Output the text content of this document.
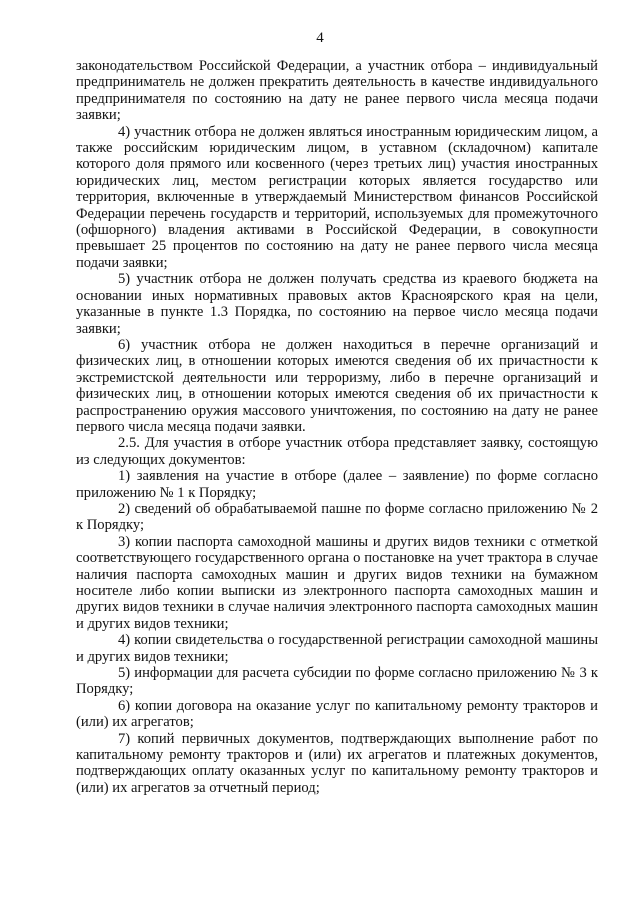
4

законодательством Российской Федерации, а участник отбора – индивидуальный предприниматель не должен прекратить деятельность в качестве индивидуального предпринимателя по состоянию на дату не ранее первого числа месяца подачи заявки;

4) участник отбора не должен являться иностранным юридическим лицом, а также российским юридическим лицом, в уставном (складочном) капитале которого доля прямого или косвенного (через третьих лиц) участия иностранных юридических лиц, местом регистрации которых является государство или территория, включенные в утверждаемый Министерством финансов Российской Федерации перечень государств и территорий, используемых для промежуточного (офшорного) владения активами в Российской Федерации, в совокупности превышает 25 процентов по состоянию на дату не ранее первого числа месяца подачи заявки;

5) участник отбора не должен получать средства из краевого бюджета на основании иных нормативных правовых актов Красноярского края на цели, указанные в пункте 1.3 Порядка, по состоянию на первое число месяца подачи заявки;

6) участник отбора не должен находиться в перечне организаций и физических лиц, в отношении которых имеются сведения об их причастности к экстремистской деятельности или терроризму, либо в перечне организаций и физических лиц, в отношении которых имеются сведения об их причастности к распространению оружия массового уничтожения, по состоянию на дату не ранее первого числа месяца подачи заявки.

2.5. Для участия в отборе участник отбора представляет заявку, состоящую из следующих документов:

1) заявления на участие в отборе (далее – заявление) по форме согласно приложению № 1 к Порядку;

2) сведений об обрабатываемой пашне по форме согласно приложению № 2 к Порядку;

3) копии паспорта самоходной машины и других видов техники с отметкой соответствующего государственного органа о постановке на учет трактора в случае наличия паспорта самоходных машин и других видов техники на бумажном носителе либо копии выписки из электронного паспорта самоходных машин и других видов техники в случае наличия электронного паспорта самоходных машин и других видов техники;

4) копии свидетельства о государственной регистрации самоходной машины и других видов техники;

5) информации для расчета субсидии по форме согласно приложению № 3 к Порядку;

6) копии договора на оказание услуг по капитальному ремонту тракторов и (или) их агрегатов;

7) копий первичных документов, подтверждающих выполнение работ по капитальному ремонту тракторов и (или) их агрегатов и платежных документов, подтверждающих оплату оказанных услуг по капитальному ремонту тракторов и (или) их агрегатов за отчетный период;
